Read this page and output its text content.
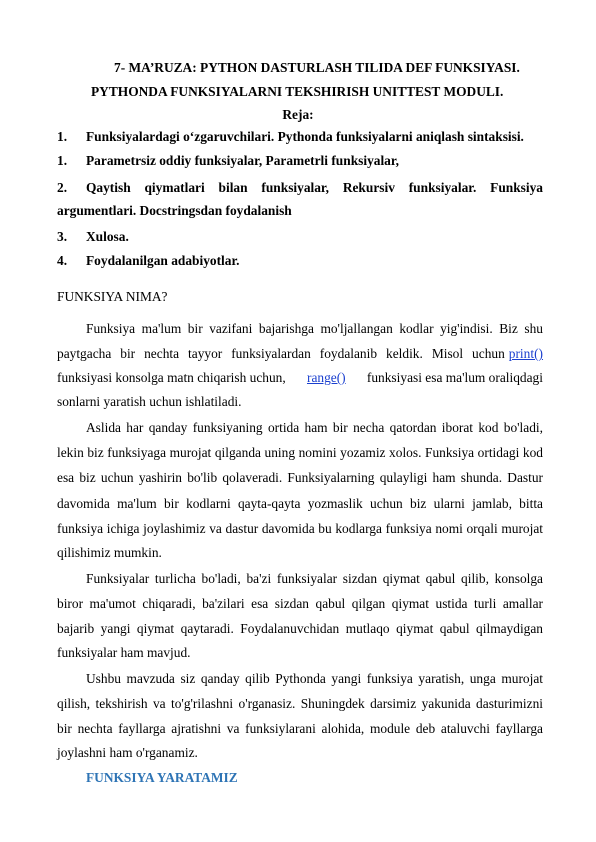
7- MA’RUZA: PYTHON DASTURLASH TILIDA DEF FUNKSIYASI.
PYTHONDA FUNKSIYALARNI TEKSHIRISH UNITTEST MODULI.
Reja:
1. Funksiyalardagi o‘zgaruvchilari. Pythonda funksiyalarni aniqlash sintaksisi.
1. Parametrsiz oddiy funksiyalar, Parametrli funksiyalar,
2. Qaytish qiymatlari bilan funksiyalar, Rekursiv funksiyalar. Funksiya
argumentlari. Docstringsdan foydalanish
3. Xulosa.
4. Foydalanilgan adabiyotlar.
FUNKSIYA NIMA?
Funksiya ma'lum bir vazifani bajarishga mo'ljallangan kodlar yig'indisi. Biz shu
paytgacha bir nechta tayyor funksiyalardan foydalanib keldik. Misol uchun print()
funksiyasi konsolga matn chiqarish uchun, range() funksiyasi esa ma'lum oraliqdagi
sonlarni yaratish uchun ishlatiladi.
Aslida har qanday funksiyaning ortida ham bir necha qatordan iborat kod bo'ladi,
lekin biz funksiyaga murojat qilganda uning nomini yozamiz xolos. Funksiya ortidagi kod
esa biz uchun yashirin bo'lib qolaveradi. Funksiyalarning qulayligi ham shunda. Dastur
davomida ma'lum bir kodlarni qayta-qayta yozmaslik uchun biz ularni jamlab, bitta
funksiya ichiga joylashimiz va dastur davomida bu kodlarga funksiya nomi orqali murojat
qilishimiz mumkin.
Funksiyalar turlicha bo'ladi, ba'zi funksiyalar sizdan qiymat qabul qilib, konsolga
biror ma'umot chiqaradi, ba'zilari esa sizdan qabul qilgan qiymat ustida turli amallar
bajarib yangi qiymat qaytaradi. Foydalanuvchidan mutlaqo qiymat qabul qilmaydigan
funksiyalar ham mavjud.
Ushbu mavzuda siz qanday qilib Pythonda yangi funksiya yaratish, unga murojat
qilish, tekshirish va to'g'rilashni o'rganasiz. Shuningdek darsimiz yakunida dasturimizni
bir nechta fayllarga ajratishni va funksiylarani alohida, module deb ataluvchi fayllarga
joylashni ham o'rganamiz.
FUNKSIYA YARATAMIZ
